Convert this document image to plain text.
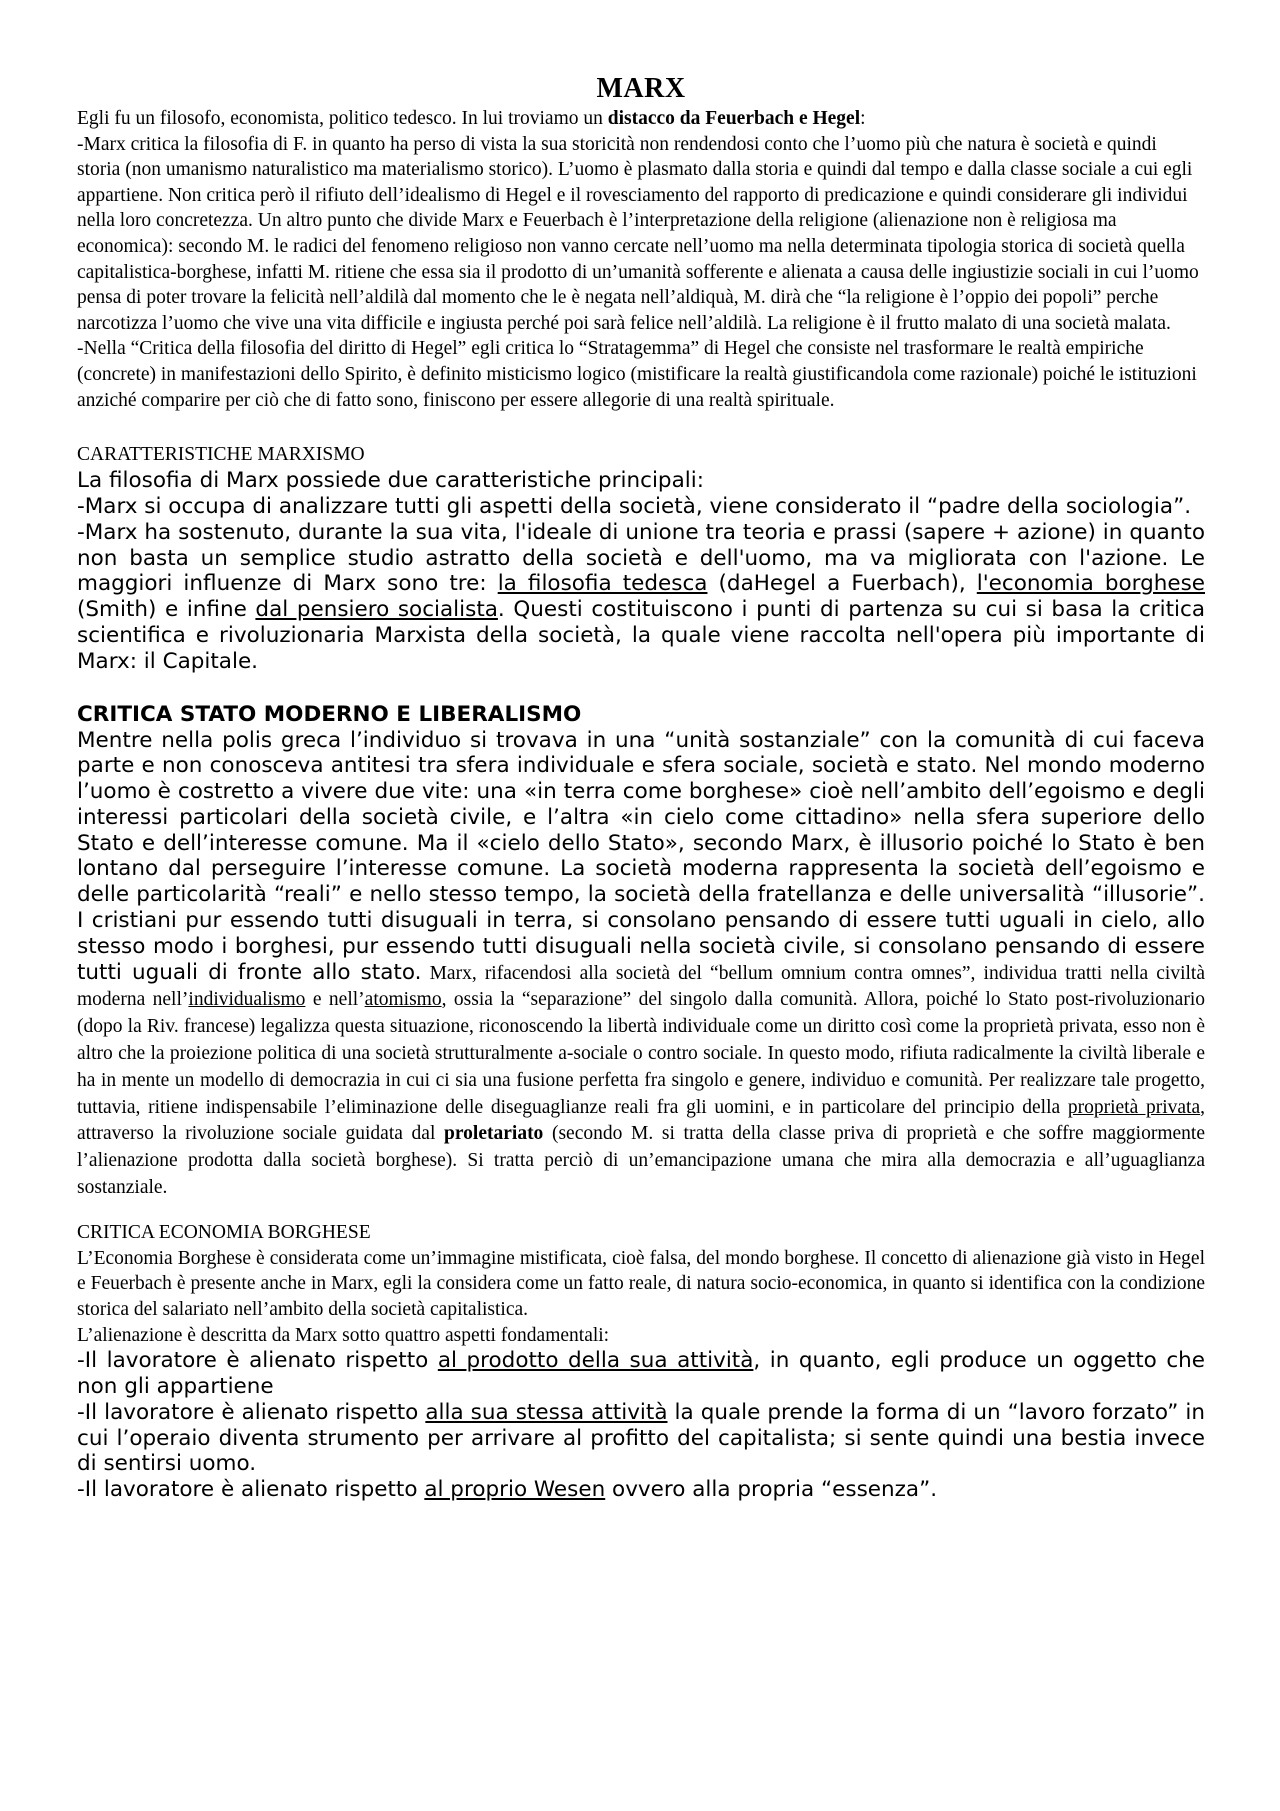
MARX

Egli fu un filosofo, economista, politico tedesco. In lui troviamo un distacco da Feuerbach e Hegel:

-Marx critica la filosofia di F. in quanto ha perso di vista la sua storicità non rendendosi conto che l’uomo più che natura è società e quindi storia (non umanismo naturalistico ma materialismo storico). L’uomo è plasmato dalla storia e quindi dal tempo e dalla classe sociale a cui egli appartiene. Non critica però il rifiuto dell’idealismo di Hegel e il rovesciamento del rapporto di predicazione e quindi considerare gli individui nella loro concretezza. Un altro punto che divide Marx e Feuerbach è l’interpretazione della religione (alienazione non è religiosa ma economica): secondo M. le radici del fenomeno religioso non vanno cercate nell’uomo ma nella determinata tipologia storica di società quella capitalistica-borghese, infatti M. ritiene che essa sia il prodotto di un’umanità sofferente e alienata a causa delle ingiustizie sociali in cui l’uomo pensa di poter trovare la felicità nell’aldilà dal momento che le è negata nell’aldiquà, M. dirà che “la religione è l’oppio dei popoli” perche narcotizza l’uomo che vive una vita difficile e ingiusta perché poi sarà felice nell’aldilà. La religione è il frutto malato di una società malata.

-Nella “Critica della filosofia del diritto di Hegel” egli critica lo “Stratagemma” di Hegel che consiste nel trasformare le realtà empiriche (concrete) in manifestazioni dello Spirito, è definito misticismo logico (mistificare la realtà giustificandola come razionale) poiché le istituzioni anziché comparire per ciò che di fatto sono, finiscono per essere allegorie di una realtà spirituale.

CARATTERISTICHE MARXISMO

La filosofia di Marx possiede due caratteristiche principali:

-Marx si occupa di analizzare tutti gli aspetti della società, viene considerato il “padre della sociologia”.

-Marx ha sostenuto, durante la sua vita, l'ideale di unione tra teoria e prassi (sapere + azione) in quanto non basta un semplice studio astratto della società e dell'uomo, ma va migliorata con l'azione. Le maggiori influenze di Marx sono tre: la filosofia tedesca (daHegel a Fuerbach), l'economia borghese (Smith) e infine dal pensiero socialista. Questi costituiscono i punti di partenza su cui si basa la critica scientifica e rivoluzionaria Marxista della società, la quale viene raccolta nell'opera più importante di Marx: il Capitale.

CRITICA STATO MODERNO E LIBERALISMO

Mentre nella polis greca l’individuo si trovava in una “unità sostanziale” con la comunità di cui faceva parte e non conosceva antitesi tra sfera individuale e sfera sociale, società e stato. Nel mondo moderno l’uomo è costretto a vivere due vite: una «in terra come borghese» cioè nell’ambito dell’egoismo e degli interessi particolari della società civile, e l’altra «in cielo come cittadino» nella sfera superiore dello Stato e dell’interesse comune. Ma il «cielo dello Stato», secondo Marx, è illusorio poiché lo Stato è ben lontano dal perseguire l’interesse comune. La società moderna rappresenta la società dell’egoismo e delle particolarità “reali” e nello stesso tempo, la società della fratellanza e delle universalità “illusorie”. I cristiani pur essendo tutti disuguali in terra, si consolano pensando di essere tutti uguali in cielo, allo stesso modo i borghesi, pur essendo tutti disuguali nella società civile, si consolano pensando di essere tutti uguali di fronte allo stato. Marx, rifacendosi alla società del “bellum omnium contra omnes”, individua tratti nella civiltà moderna nell’individualismo e nell’atomismo, ossia la “separazione” del singolo dalla comunità. Allora, poiché lo Stato post-rivoluzionario (dopo la Riv. francese) legalizza questa situazione, riconoscendo la libertà individuale come un diritto così come la proprietà privata, esso non è altro che la proiezione politica di una società strutturalmente a-sociale o contro sociale. In questo modo, rifiuta radicalmente la civiltà liberale e ha in mente un modello di democrazia in cui ci sia una fusione perfetta fra singolo e genere, individuo e comunità. Per realizzare tale progetto, tuttavia, ritiene indispensabile l’eliminazione delle diseguaglianze reali fra gli uomini, e in particolare del principio della proprietà privata, attraverso la rivoluzione sociale guidata dal proletariato (secondo M. si tratta della classe priva di proprietà e che soffre maggiormente l’alienazione prodotta dalla società borghese). Si tratta perciò di un’emancipazione umana che mira alla democrazia e all’uguaglianza sostanziale.

CRITICA ECONOMIA BORGHESE

L’Economia Borghese è considerata come un’immagine mistificata, cioè falsa, del mondo borghese. Il concetto di alienazione già visto in Hegel e Feuerbach è presente anche in Marx, egli la considera come un fatto reale, di natura socio-economica, in quanto si identifica con la condizione storica del salariato nell’ambito della società capitalistica.

L’alienazione è descritta da Marx sotto quattro aspetti fondamentali:

-Il lavoratore è alienato rispetto al prodotto della sua attività, in quanto, egli produce un oggetto che non gli appartiene

-Il lavoratore è alienato rispetto alla sua stessa attività la quale prende la forma di un “lavoro forzato” in cui l’operaio diventa strumento per arrivare al profitto del capitalista; si sente quindi una bestia invece di sentirsi uomo.

-Il lavoratore è alienato rispetto al proprio Wesen ovvero alla propria “essenza”.
